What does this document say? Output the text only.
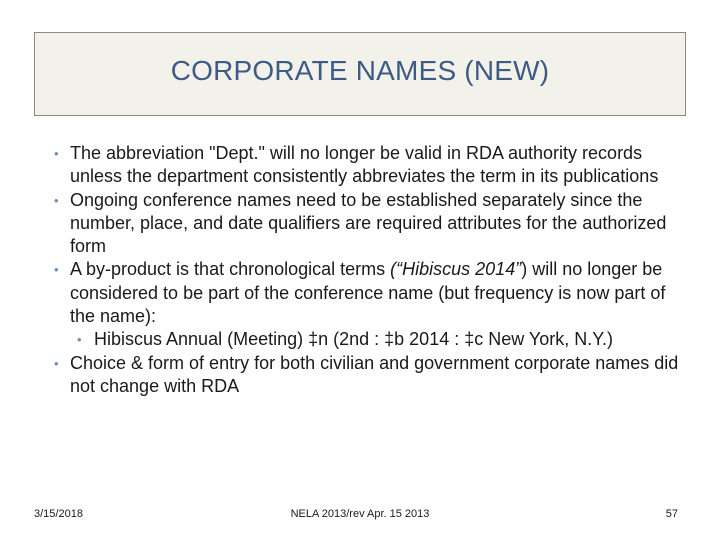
CORPORATE NAMES (NEW)
• The abbreviation "Dept." will no longer be valid in RDA authority records unless the department consistently abbreviates the term in its publications
• Ongoing conference names need to be established separately since the number, place, and date qualifiers are required attributes for the authorized form
• A by-product is that chronological terms (“Hibiscus 2014”) will no longer be considered to be part of the conference name (but frequency is now part of the name):
• Hibiscus Annual (Meeting) ‡n (2nd : ‡b 2014 : ‡c New York, N.Y.)
• Choice & form of entry for both civilian and government corporate names did not change with RDA
3/15/2018	NELA 2013/rev Apr. 15 2013	57
